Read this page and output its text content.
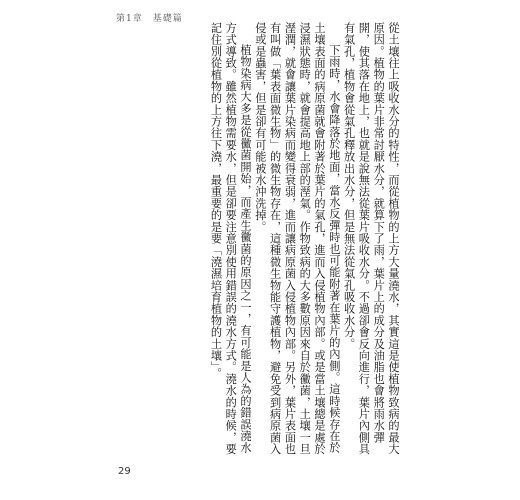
第1章 基礎篇

從土壤往上吸收水分的特性，而從植物的上方大量澆水，其實這是使植物致病的最大原因。植物的葉片非常討厭水分，就算下了雨，葉片上的成分及油脂也會將雨水彈開，使其落在地上，也就是說無法從葉片吸收水分。不過卻會反向進行，葉片內側具有氣孔，植物會從氣孔釋放出水分，但是無法從氣孔吸收水分。

下雨時，水會降落於地面，當水反彈時也可能附著在葉片的內側。這時候存在於土壤表面的病原菌就會附著於葉片的氣孔，進而入侵植物內部。或是當土壤總是處於浸濕狀態時，就會提高地上部的溼氣。作物致病的大多數原因來自於黴菌，土壤一旦溼潤，就會讓葉片染病而變得衰弱，進而讓病原菌入侵植物內部。另外，葉片表面也有叫做「葉表面微生物」的微生物存在，這種微生物能守護植物，避免受到病原菌入侵或是蟲害，但是卻有可能被水沖洗掉。

植物染病大多是從黴菌開始，而產生黴菌的原因之一，有可能是人為的錯誤澆水方式導致。雖然植物需要水，但是卻要注意別使用錯誤的澆水方式。澆水的時候，要記住別從植物的上方往下澆，最重要的是要「澆濕培育植物的土壤」。

29
